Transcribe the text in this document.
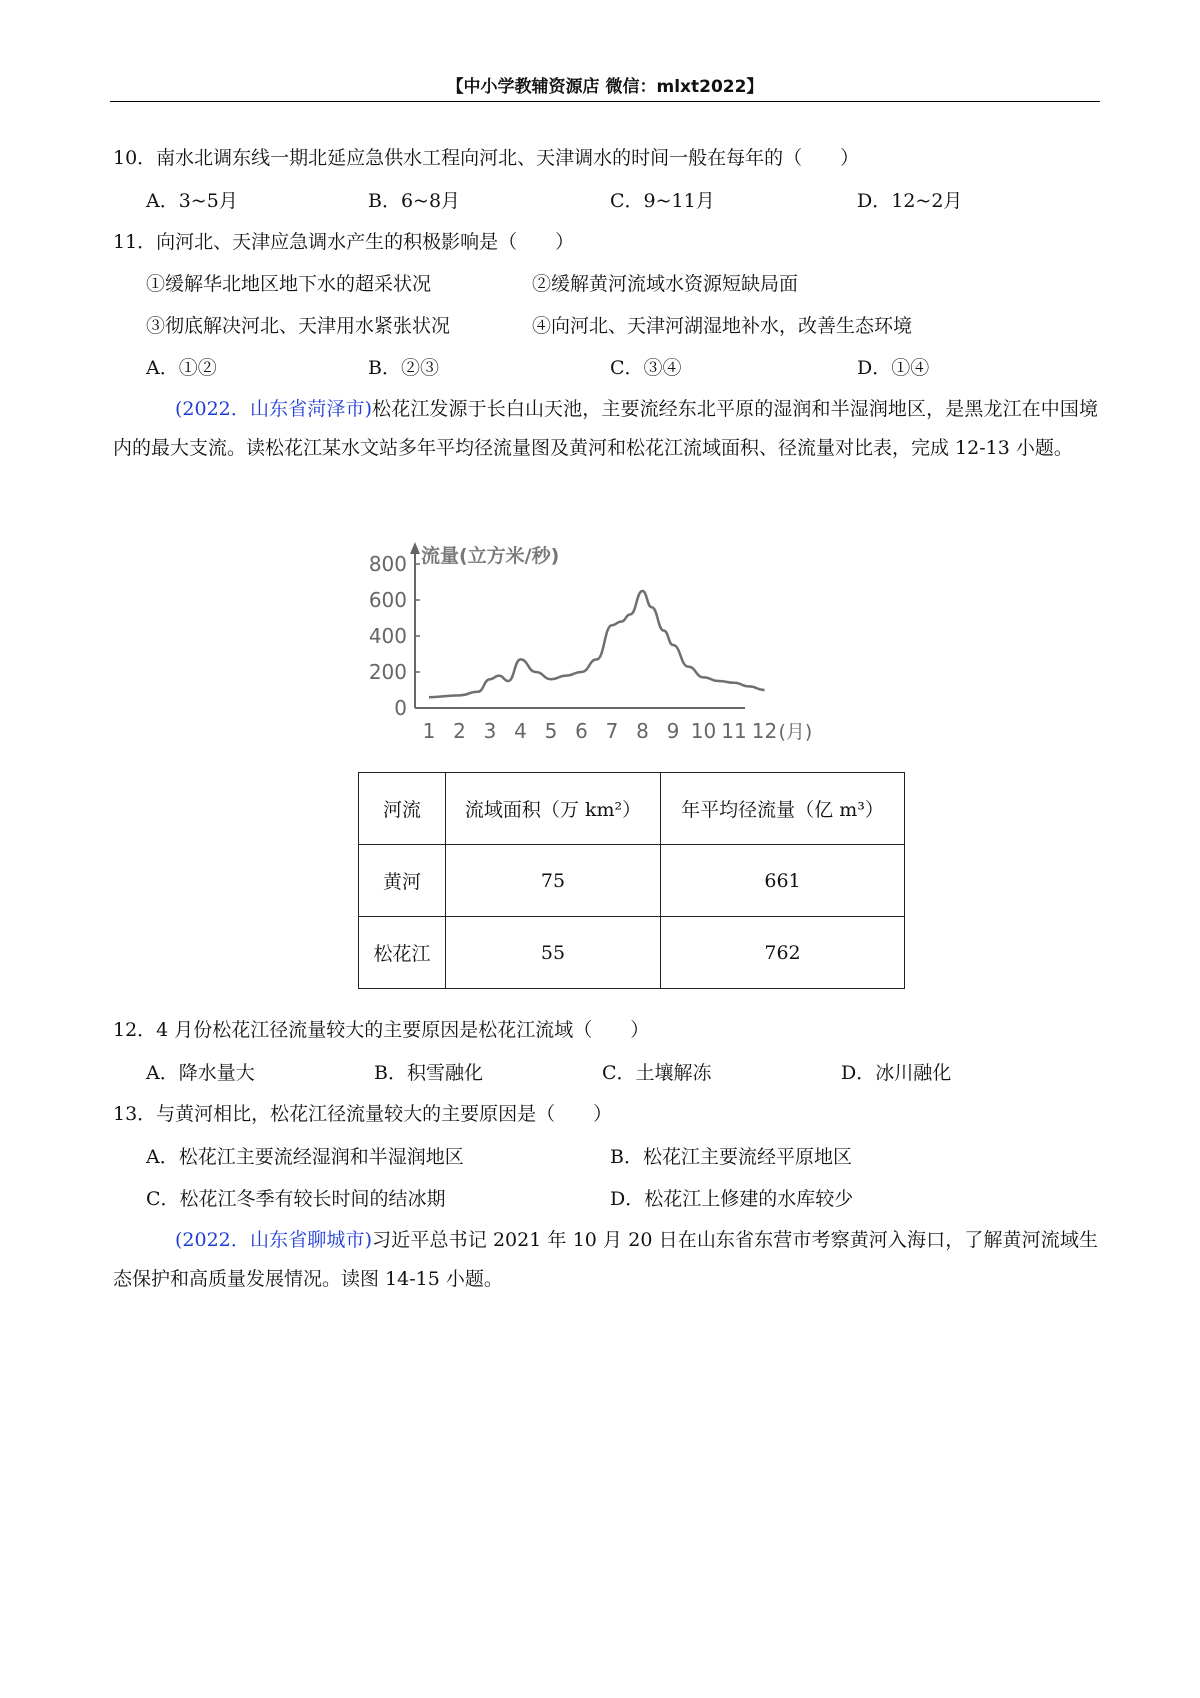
【中小学教辅资源店 微信：mlxt2022】
10．南水北调东线一期北延应急供水工程向河北、天津调水的时间一般在每年的（　　）
A．3~5月	B．6~8月	C．9~11月	D．12~2月
11．向河北、天津应急调水产生的积极影响是（　　）
①缓解华北地区地下水的超采状况	②缓解黄河流域水资源短缺局面
③彻底解决河北、天津用水紧张状况	④向河北、天津河湖湿地补水，改善生态环境
A．①②	B．②③	C．③④	D．①④
(2022．山东省菏泽市)松花江发源于长白山天池，主要流经东北平原的湿润和半湿润地区，是黑龙江在中国境内的最大支流。读松花江某水文站多年平均径流量图及黄河和松花江流域面积、径流量对比表，完成 12-13 小题。
800
600
400
200
0
流量(立方米/秒)
1 2 3 4 5 6 7 8 9 10 11 12 (月)
河流	流域面积（万 km²）	年平均径流量（亿 m³）
黄河	75	661
松花江	55	762
12．4 月份松花江径流量较大的主要原因是松花江流域（　　）
A．降水量大	B．积雪融化	C．土壤解冻	D．冰川融化
13．与黄河相比，松花江径流量较大的主要原因是（　　）
A．松花江主要流经湿润和半湿润地区	B．松花江主要流经平原地区
C．松花江冬季有较长时间的结冰期	D．松花江上修建的水库较少
(2022．山东省聊城市)习近平总书记 2021 年 10 月 20 日在山东省东营市考察黄河入海口，了解黄河流域生态保护和高质量发展情况。读图 14-15 小题。
